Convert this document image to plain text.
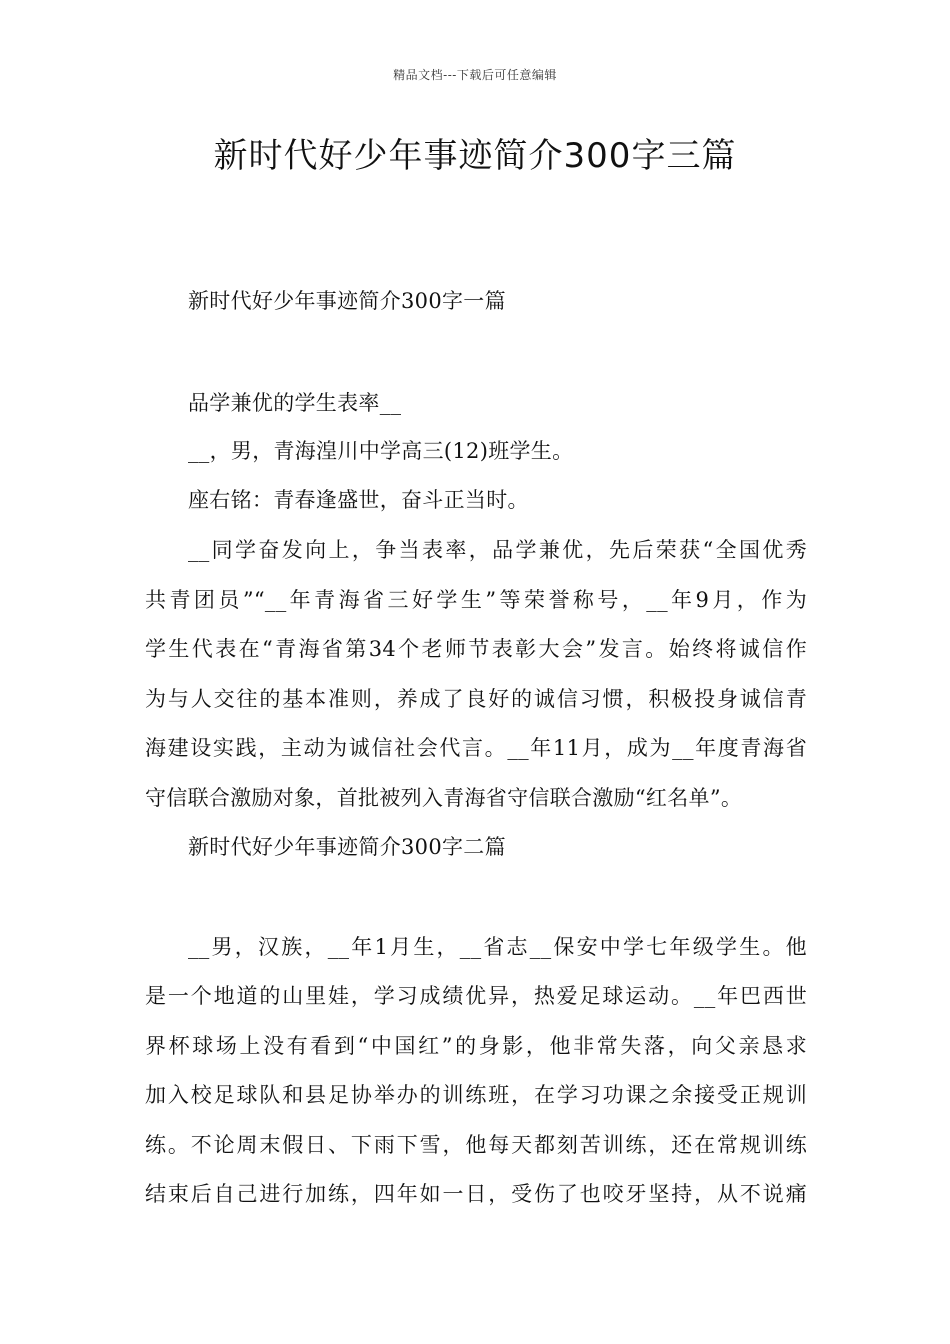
精品文档---下载后可任意编辑
新时代好少年事迹简介300字三篇
新时代好少年事迹简介300字一篇
品学兼优的学生表率__
__，男，青海湟川中学高三(12)班学生。
座右铭：青春逢盛世，奋斗正当时。
__同学奋发向上，争当表率，品学兼优，先后荣获“全国优秀
共青团员”“__年青海省三好学生”等荣誉称号，__年9月，作为
学生代表在“青海省第34个老师节表彰大会”发言。始终将诚信作
为与人交往的基本准则，养成了良好的诚信习惯，积极投身诚信青
海建设实践，主动为诚信社会代言。__年11月，成为__年度青海省
守信联合激励对象，首批被列入青海省守信联合激励“红名单”。
新时代好少年事迹简介300字二篇
__男，汉族，__年1月生，__省志__保安中学七年级学生。他
是一个地道的山里娃，学习成绩优异，热爱足球运动。__年巴西世
界杯球场上没有看到“中国红”的身影，他非常失落，向父亲恳求
加入校足球队和县足协举办的训练班，在学习功课之余接受正规训
练。不论周末假日、下雨下雪，他每天都刻苦训练，还在常规训练
结束后自己进行加练，四年如一日，受伤了也咬牙坚持，从不说痛
